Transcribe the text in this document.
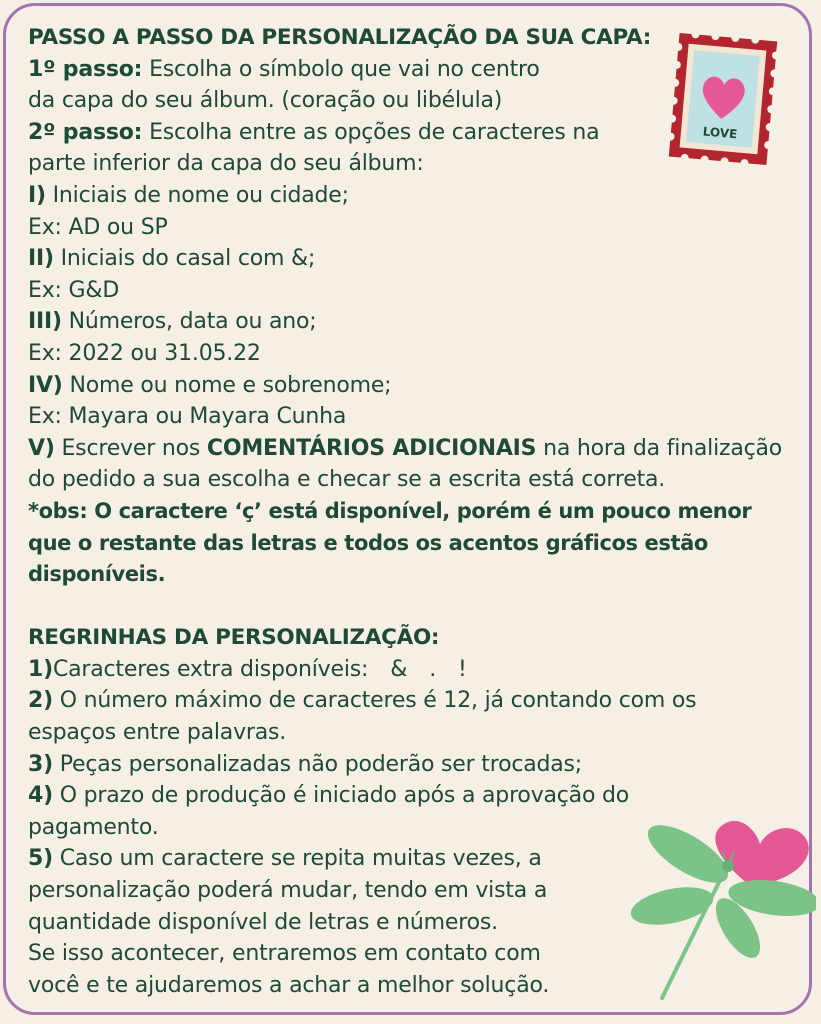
LOVE
PASSO A PASSO DA PERSONALIZAÇÃO DA SUA CAPA:
1º passo: Escolha o símbolo que vai no centro
da capa do seu álbum. (coração ou libélula)
2º passo: Escolha entre as opções de caracteres na
parte inferior da capa do seu álbum:
I) Iniciais de nome ou cidade;
Ex: AD ou SP
II) Iniciais do casal com &;
Ex: G&D
III) Números, data ou ano;
Ex: 2022 ou 31.05.22
IV) Nome ou nome e sobrenome;
Ex: Mayara ou Mayara Cunha
V) Escrever nos COMENTÁRIOS ADICIONAIS na hora da finalização
do pedido a sua escolha e checar se a escrita está correta.
*obs: O caractere ‘ç’ está disponível, porém é um pouco menor
que o restante das letras e todos os acentos gráficos estão
disponíveis.
REGRINHAS DA PERSONALIZAÇÃO:
1)Caracteres extra disponíveis: & . !
2) O número máximo de caracteres é 12, já contando com os
espaços entre palavras.
3) Peças personalizadas não poderão ser trocadas;
4) O prazo de produção é iniciado após a aprovação do
pagamento.
5) Caso um caractere se repita muitas vezes, a
personalização poderá mudar, tendo em vista a
quantidade disponível de letras e números.
Se isso acontecer, entraremos em contato com
você e te ajudaremos a achar a melhor solução.
